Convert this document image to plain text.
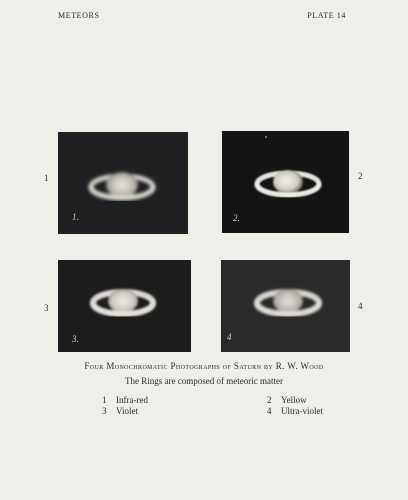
METEORS	PLATE 14
1.	2.
3.	4
1	2
3	4
Four Monochromatic Photographs of Saturn by R. W. Wood
The Rings are composed of meteoric matter
1 Infra-red	2 Yellow
3 Violet	4 Ultra-violet
